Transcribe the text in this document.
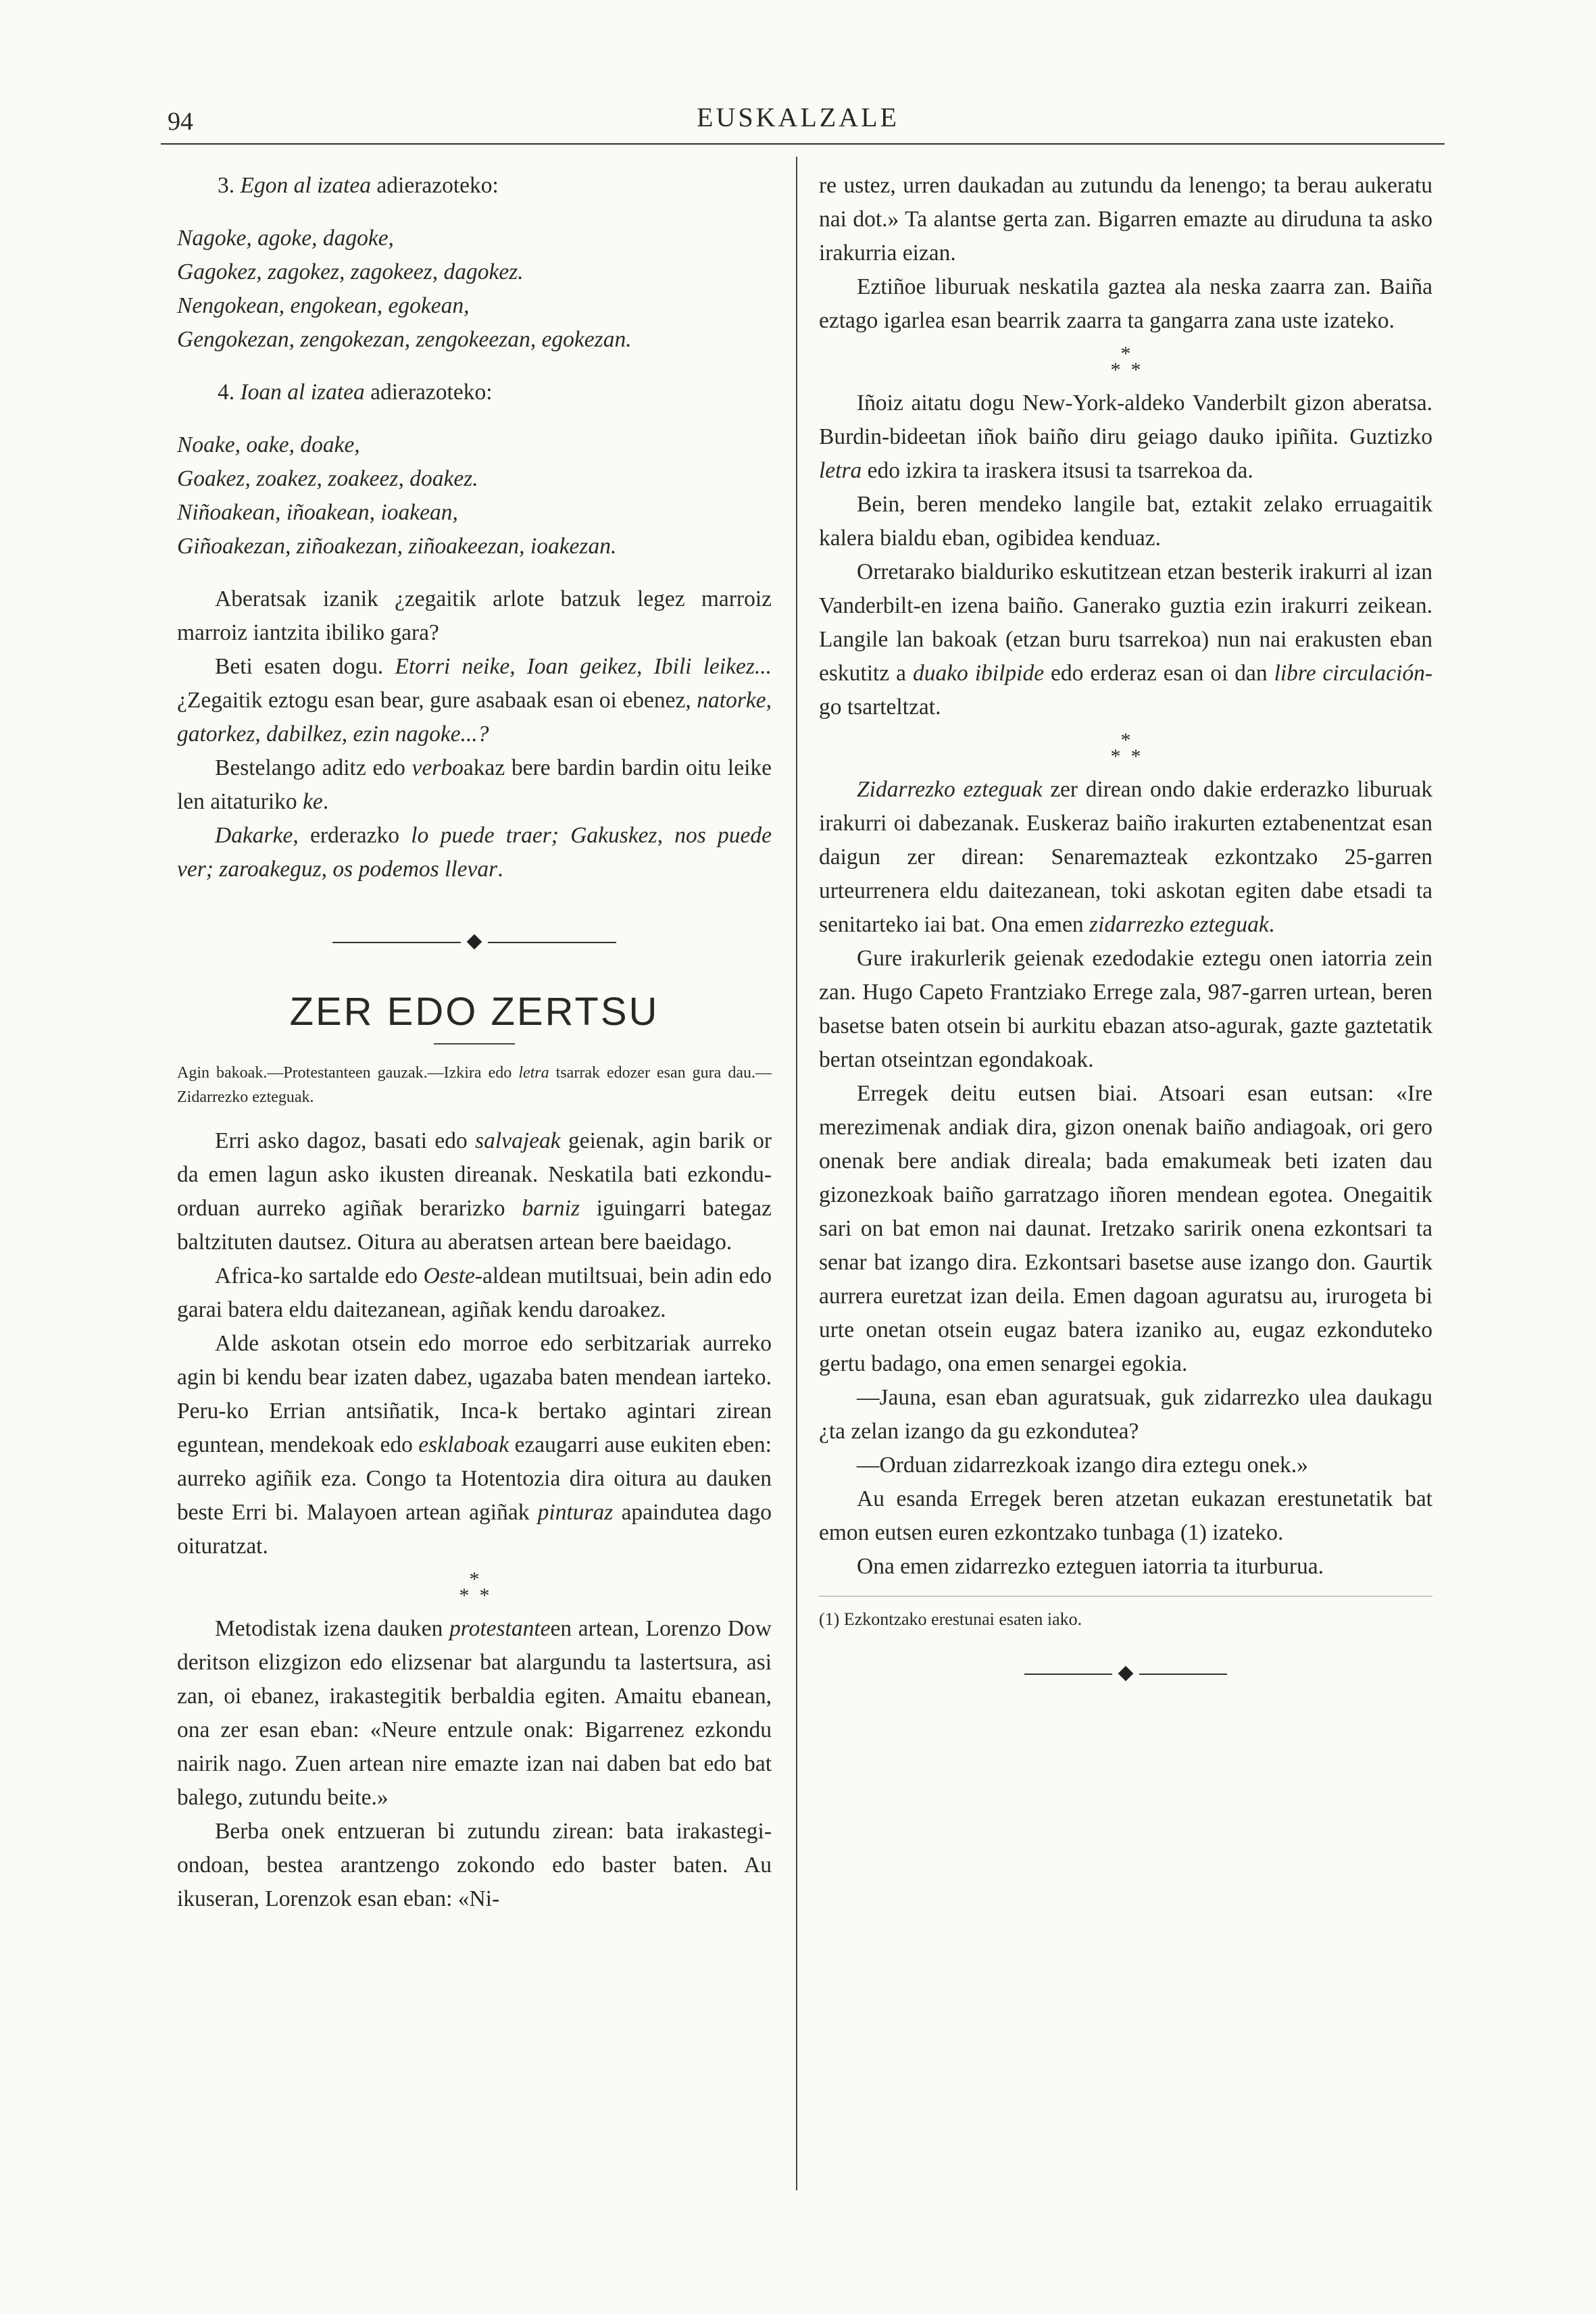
94	EUSKALZALE

3. Egon al izatea adierazoteko:

Nagoke, agoke, dagoke,

Gagokez, zagokez, zagokeez, dagokez.

Nengokean, engokean, egokean,

Gengokezan, zengokezan, zengokeezan, egokezan.

4. Ioan al izatea adierazoteko:

Noake, oake, doake,

Goakez, zoakez, zoakeez, doakez.

Niñoakean, iñoakean, ioakean,

Giñoakezan, ziñoakezan, ziñoakeezan, ioakezan.

Aberatsak izanik ¿zegaitik arlote batzuk legez marroiz marroiz iantzita ibiliko gara?

Beti esaten dogu. Etorri neike, Ioan geikez, Ibili leikez... ¿Zegaitik eztogu esan bear, gure asabaak esan oi ebenez, natorke, gatorkez, dabilkez, ezin nagoke...?

Bestelango aditz edo verboakaz bere bardin bardin oitu leike len aitaturiko ke.

Dakarke, erderazko lo puede traer; Gakuskez, nos puede ver; zaroakeguz, os podemos llevar.

ZER EDO ZERTSU

Agin bakoak.—Protestanteen gauzak.—Izkira edo letra tsarrak edozer esan gura dau.—Zidarrezko ezteguak.

Erri asko dagoz, basati edo salvajeak geienak, agin barik or da emen lagun asko ikusten direanak. Neskatila bati ezkondu-orduan aurreko agiñak berarizko barniz iguingarri bategaz baltzituten dautsez. Oitura au aberatsen artean bere baeidago.

Africa-ko sartalde edo Oeste-aldean mutiltsuai, bein adin edo garai batera eldu daitezanean, agiñak kendu daroakez.

Alde askotan otsein edo morroe edo serbitzariak aurreko agin bi kendu bear izaten dabez, ugazaba baten mendean iarteko. Peru-ko Errian antsiñatik, Inca-k bertako agintari zirean eguntean, mendekoak edo esklaboak ezaugarri ause eukiten eben: aurreko agiñik eza. Congo ta Hotentozia dira oitura au dauken beste Erri bi. Malayoen artean agiñak pinturaz apaindutea dago oituratzat.

*
* *

Metodistak izena dauken protestanteen artean, Lorenzo Dow deritson elizgizon edo elizsenar bat alargundu ta lastertsura, asi zan, oi ebanez, irakastegitik berbaldia egiten. Amaitu ebanean, ona zer esan eban: «Neure entzule onak: Bigarrenez ezkondu nairik nago. Zuen artean nire emazte izan nai daben bat edo bat balego, zutundu beite.»

Berba onek entzueran bi zutundu zirean: bata irakastegi-ondoan, bestea arantzengo zokondo edo baster baten. Au ikuseran, Lorenzok esan eban: «Ni-

re ustez, urren daukadan au zutundu da lenengo; ta berau aukeratu nai dot.» Ta alantse gerta zan. Bigarren emazte au diruduna ta asko irakurria eizan.

Eztiñoe liburuak neskatila gaztea ala neska zaarra zan. Baiña eztago igarlea esan bearrik zaarra ta gangarra zana uste izateko.

*
* *

Iñoiz aitatu dogu New-York-aldeko Vanderbilt gizon aberatsa. Burdin-bideetan iñok baiño diru geiago dauko ipiñita. Guztizko letra edo izkira ta iraskera itsusi ta tsarrekoa da.

Bein, beren mendeko langile bat, eztakit zelako erruagaitik kalera bialdu eban, ogibidea kenduaz.

Orretarako bialduriko eskutitzean etzan besterik irakurri al izan Vanderbilt-en izena baiño. Ganerako guztia ezin irakurri zeikean. Langile lan bakoak (etzan buru tsarrekoa) nun nai erakusten eban eskutitz a duako ibilpide edo erderaz esan oi dan libre circulación-go tsarteltzat.

*
* *

Zidarrezko ezteguak zer direan ondo dakie erderazko liburuak irakurri oi dabezanak. Euskeraz baiño irakurten eztabenentzat esan daigun zer direan: Senaremazteak ezkontzako 25-garren urteurrenera eldu daitezanean, toki askotan egiten dabe etsadi ta senitarteko iai bat. Ona emen zidarrezko ezteguak.

Gure irakurlerik geienak ezedodakie eztegu onen iatorria zein zan. Hugo Capeto Frantziako Errege zala, 987-garren urtean, beren basetse baten otsein bi aurkitu ebazan atso-agurak, gazte gaztetatik bertan otseintzan egondakoak.

Erregek deitu eutsen biai. Atsoari esan eutsan: «Ire merezimenak andiak dira, gizon onenak baiño andiagoak, ori gero onenak bere andiak direala; bada emakumeak beti izaten dau gizonezkoak baiño garratzago iñoren mendean egotea. Onegaitik sari on bat emon nai daunat. Iretzako saririk onena ezkontsari ta senar bat izango dira. Ezkontsari basetse ause izango don. Gaurtik aurrera euretzat izan deila. Emen dagoan aguratsu au, irurogeta bi urte onetan otsein eugaz batera izaniko au, eugaz ezkonduteko gertu badago, ona emen senargei egokia.

—Jauna, esan eban aguratsuak, guk zidarrezko ulea daukagu ¿ta zelan izango da gu ezkondutea?

—Orduan zidarrezkoak izango dira eztegu onek.»

Au esanda Erregek beren atzetan eukazan erestunetatik bat emon eutsen euren ezkontzako tunbaga (1) izateko.

Ona emen zidarrezko ezteguen iatorria ta iturburua.

(1) Ezkontzako erestunai esaten iako.
